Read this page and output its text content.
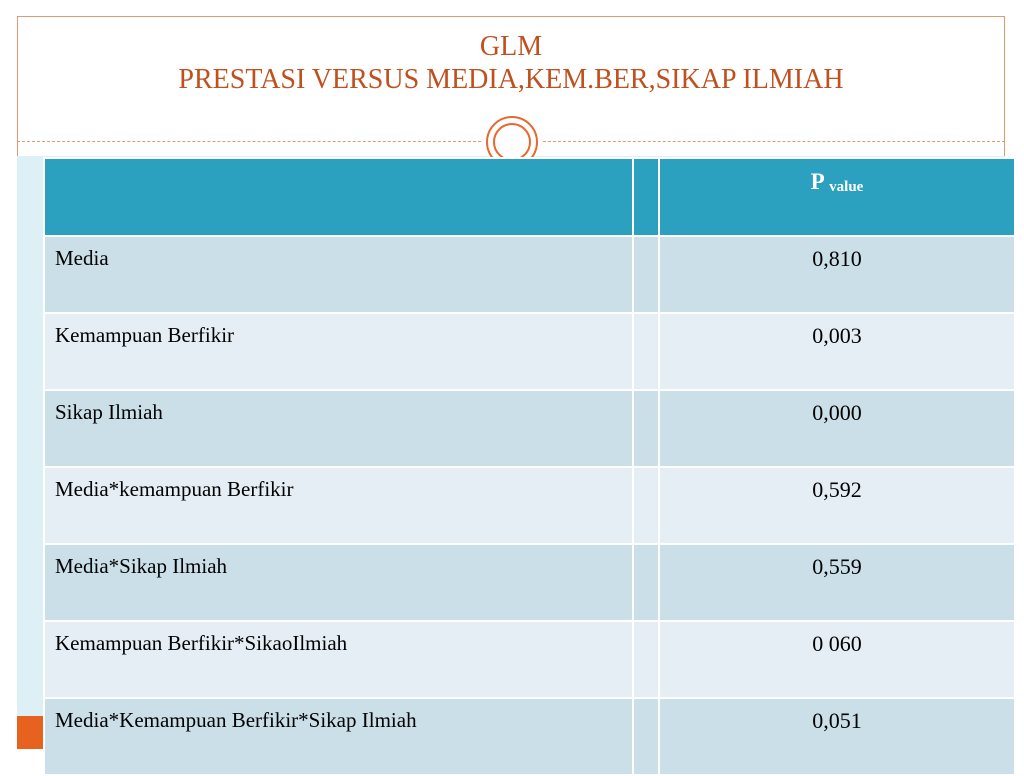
GLM
PRESTASI VERSUS MEDIA,KEM.BER,SIKAP ILMIAH
		P $_{value}$
Media		0,810
Kemampuan Berfikir		0,003
Sikap Ilmiah		0,000
Media*kemampuan Berfikir		0,592
Media*Sikap Ilmiah		0,559
Kemampuan Berfikir*SikaoIlmiah		0 060
Media*Kemampuan Berfikir*Sikap Ilmiah		0,051
